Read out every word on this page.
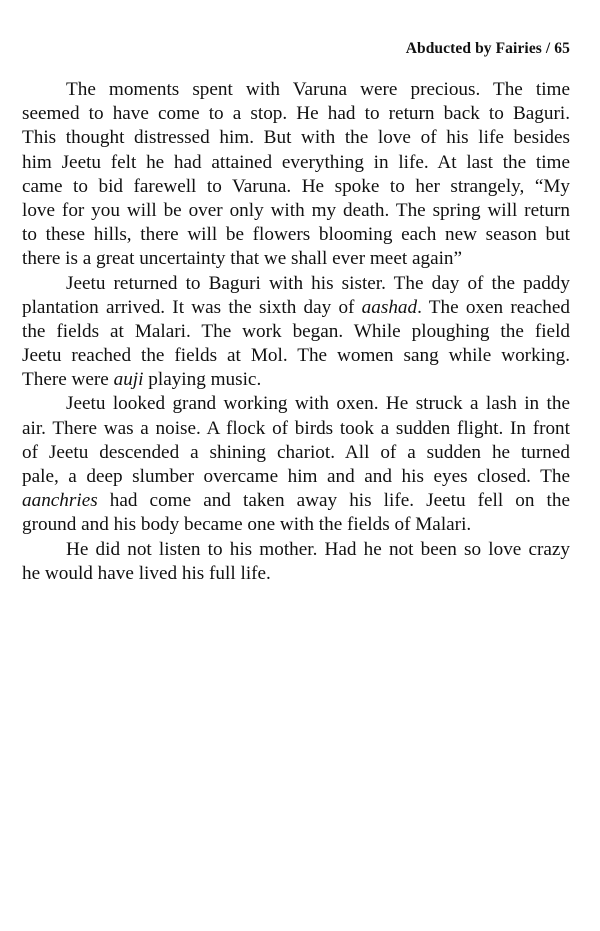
Abducted by Fairies / 65
The moments spent with Varuna were precious. The time
seemed to have come to a stop. He had to return back to Baguri.
This thought distressed him. But with the love of his life besides
him Jeetu felt he had attained everything in life. At last the time
came to bid farewell to Varuna. He spoke to her strangely, “My
love for you will be over only with my death. The spring will return
to these hills, there will be flowers blooming each new season but
there is a great uncertainty that we shall ever meet again”
Jeetu returned to Baguri with his sister. The day of the paddy
plantation arrived. It was the sixth day of aashad. The oxen reached
the fields at Malari. The work began. While ploughing the field
Jeetu reached the fields at Mol. The women sang while working.
There were auji playing music.
Jeetu looked grand working with oxen. He struck a lash in the
air. There was a noise. A flock of birds took a sudden flight. In front
of Jeetu descended a shining chariot. All of a sudden he turned
pale, a deep slumber overcame him and and his eyes closed. The
aanchries had come and taken away his life. Jeetu fell on the
ground and his body became one with the fields of Malari.
He did not listen to his mother. Had he not been so love crazy
he would have lived his full life.
